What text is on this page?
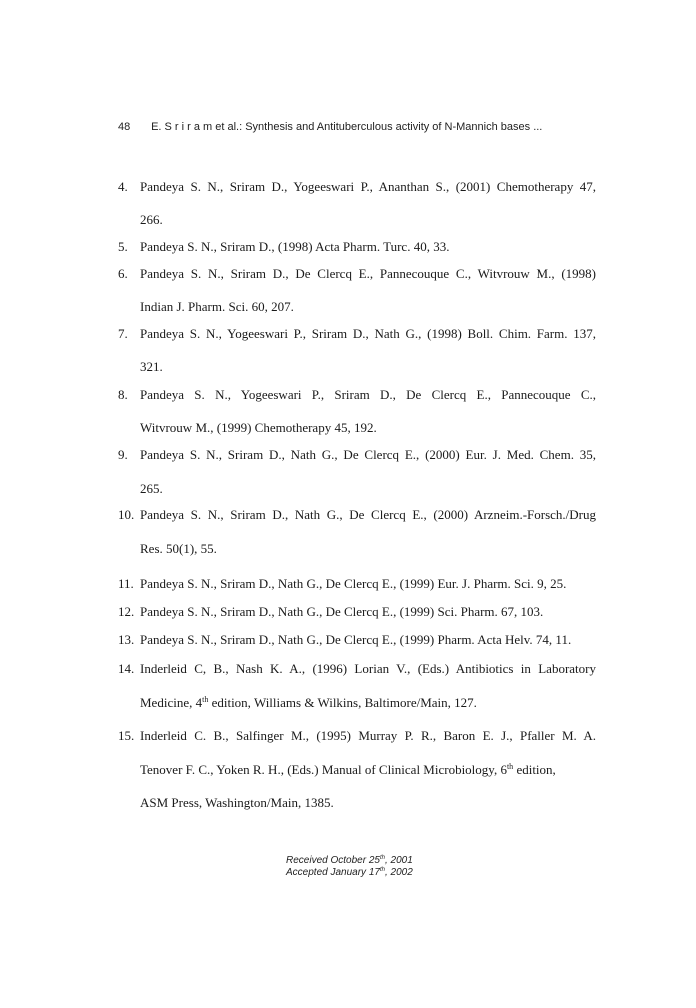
48 E. S r i r a m et al.: Synthesis and Antituberculous activity of N-Mannich bases ...
4. Pandeya S. N., Sriram D., Yogeeswari P., Ananthan S., (2001) Chemotherapy 47,
266.
5. Pandeya S. N., Sriram D., (1998) Acta Pharm. Turc. 40, 33.
6. Pandeya S. N., Sriram D., De Clercq E., Pannecouque C., Witvrouw M., (1998)
Indian J. Pharm. Sci. 60, 207.
7. Pandeya S. N., Yogeeswari P., Sriram D., Nath G., (1998) Boll. Chim. Farm. 137,
321.
8. Pandeya S. N., Yogeeswari P., Sriram D., De Clercq E., Pannecouque C.,
Witvrouw M., (1999) Chemotherapy 45, 192.
9. Pandeya S. N., Sriram D., Nath G., De Clercq E., (2000) Eur. J. Med. Chem. 35,
265.
10. Pandeya S. N., Sriram D., Nath G., De Clercq E., (2000) Arzneim.-Forsch./Drug
Res. 50(1), 55.
11. Pandeya S. N., Sriram D., Nath G., De Clercq E., (1999) Eur. J. Pharm. Sci. 9, 25.
12. Pandeya S. N., Sriram D., Nath G., De Clercq E., (1999) Sci. Pharm. 67, 103.
13. Pandeya S. N., Sriram D., Nath G., De Clercq E., (1999) Pharm. Acta Helv. 74, 11.
14. Inderleid C, B., Nash K. A., (1996) Lorian V., (Eds.) Antibiotics in Laboratory
Medicine, 4th edition, Williams & Wilkins, Baltimore/Main, 127.
15. Inderleid C. B., Salfinger M., (1995) Murray P. R., Baron E. J., Pfaller M. A.
Tenover F. C., Yoken R. H., (Eds.) Manual of Clinical Microbiology, 6th edition,
ASM Press, Washington/Main, 1385.
Received October 25th, 2001
Accepted January 17th, 2002
